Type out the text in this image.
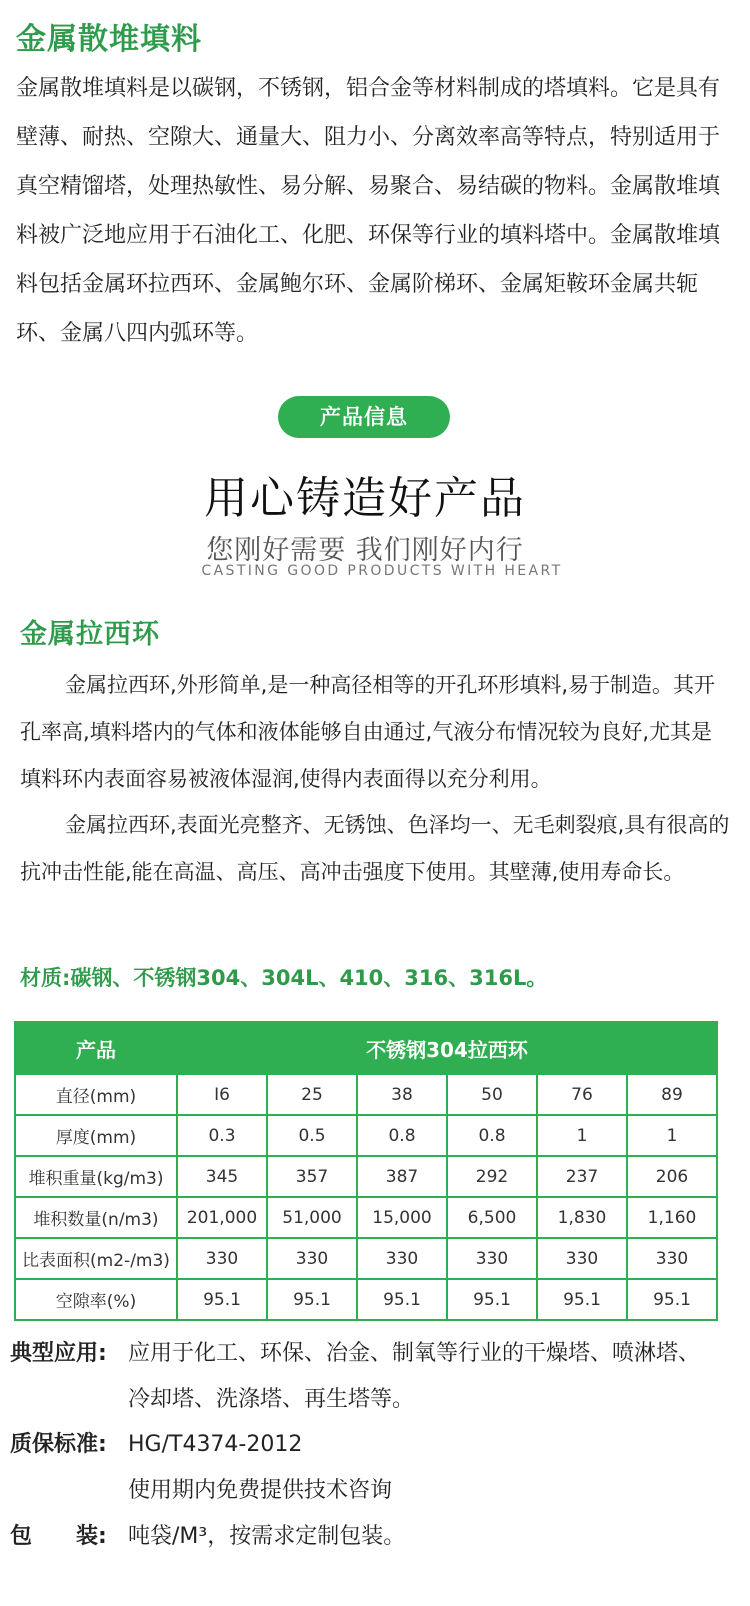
金属散堆填料
金属散堆填料是以碳钢，不锈钢，铝合金等材料制成的塔填料。它是具有壁薄、耐热、空隙大、通量大、阻力小、分离效率高等特点，特别适用于真空精馏塔，处理热敏性、易分解、易聚合、易结碳的物料。金属散堆填料被广泛地应用于石油化工、化肥、环保等行业的填料塔中。金属散堆填料包括金属环拉西环、金属鲍尔环、金属阶梯环、金属矩鞍环金属共轭环、金属八四内弧环等。
产品信息
用心铸造好产品
您刚好需要 我们刚好内行
CASTING GOOD PRODUCTS WITH HEART
金属拉西环
金属拉西环,外形简单,是一种高径相等的开孔环形填料,易于制造。其开孔率高,填料塔内的气体和液体能够自由通过,气液分布情况较为良好,尤其是填料环内表面容易被液体湿润,使得内表面得以充分利用。
金属拉西环,表面光亮整齐、无锈蚀、色泽均一、无毛刺裂痕,具有很高的抗冲击性能,能在高温、高压、高冲击强度下使用。其壁薄,使用寿命长。
材质:碳钢、不锈钢304、304L、410、316、316L。
产品	不锈钢304拉西环					
直径(mm)	I6	25	38	50	76	89
厚度(mm)	0.3	0.5	0.8	0.8	1	1
堆积重量(kg/m3)	345	357	387	292	237	206
堆积数量(n/m3)	201,000	51,000	15,000	6,500	1,830	1,160
比表面积(m2-/m3)	330	330	330	330	330	330
空隙率(%)	95.1	95.1	95.1	95.1	95.1	95.1
典型应用: 应用于化工、环保、冶金、制氧等行业的干燥塔、喷淋塔、
冷却塔、洗涤塔、再生塔等。
质保标准: HG/T4374-2012
使用期内免费提供技术咨询
包　　装: 吨袋/M³，按需求定制包装。
